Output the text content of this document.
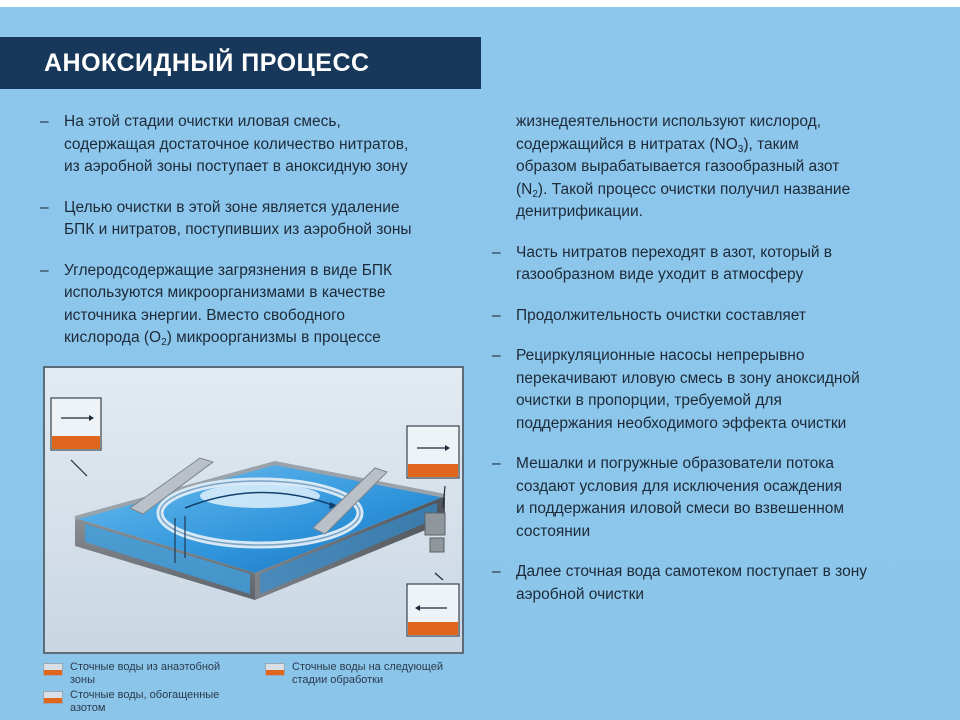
АНОКСИДНЫЙ ПРОЦЕСС
– На этой стадии очистки иловая смесь,
содержащая достаточное количество нитратов,
из аэробной зоны поступает в аноксидную зону
– Целью очистки в этой зоне является удаление
БПК и нитратов, поступивших из аэробной зоны
– Углеродсодержащие загрязнения в виде БПК
используются микроорганизмами в качестве
источника энергии. Вместо свободного
кислорода $(O_2)$ микроорганизмы в процессе
жизнедеятельности используют кислород,
содержащийся в нитратах $(NO_3)$, таким
образом вырабатывается газообразный азот
$(N_2)$. Такой процесс очистки получил название
денитрификации.
– Часть нитратов переходят в азот, который в
газообразном виде уходит в атмосферу
– Продолжительность очистки составляет
– Рециркуляционные насосы непрерывно
перекачивают иловую смесь в зону аноксидной
очистки в пропорции, требуемой для
поддержания необходимого эффекта очистки
– Мешалки и погружные образователи потока
создают условия для исключения осаждения
и поддержания иловой смеси во взвешенном
состоянии
– Далее сточная вода самотеком поступает в зону
аэробной очистки
Сточные воды из анаэтобной
зоны
Сточные воды на следующей
стадии обработки
Сточные воды, обогащенные
азотом
